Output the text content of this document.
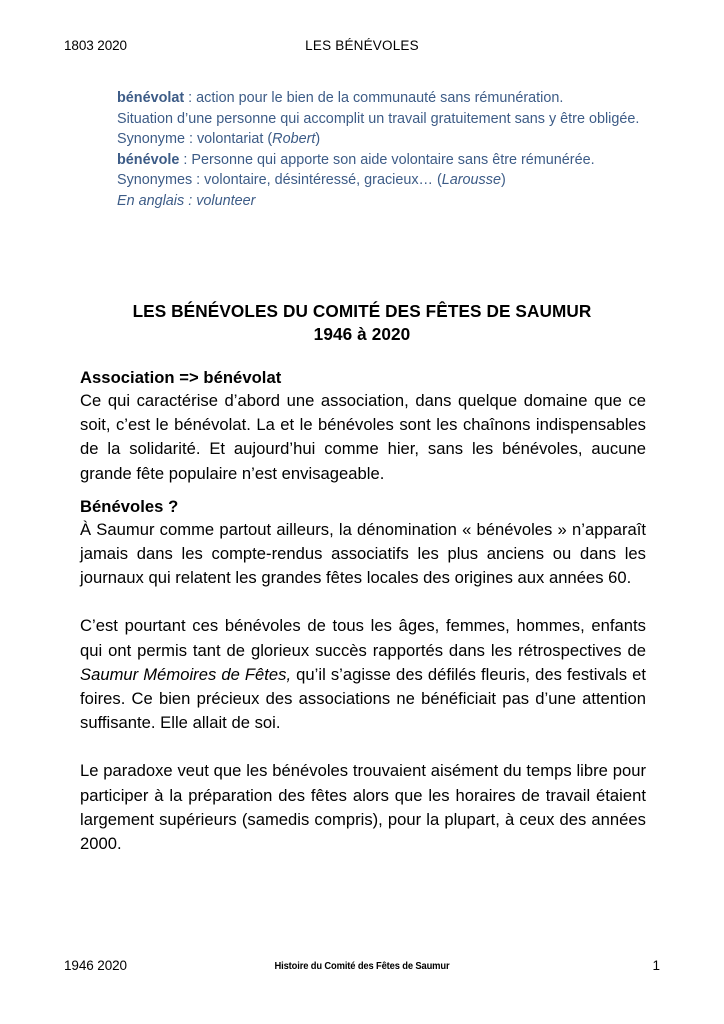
1803 2020	LES BÉNÉVOLES
bénévolat : action pour le bien de la communauté sans rémunération.
Situation d’une personne qui accomplit un travail gratuitement sans y être obligée.
Synonyme : volontariat (Robert)
bénévole : Personne qui apporte son aide volontaire sans être rémunérée.
Synonymes : volontaire, désintéressé, gracieux… (Larousse)
En anglais : volunteer
LES BÉNÉVOLES DU COMITÉ DES FÊTES DE SAUMUR
1946 à 2020
Association => bénévolat

Ce qui caractérise d’abord une association, dans quelque domaine que ce soit, c’est le bénévolat. La et le bénévoles sont les chaînons indispensables de la solidarité. Et aujourd’hui comme hier, sans les bénévoles, aucune grande fête populaire n’est envisageable.

Bénévoles ?

À Saumur comme partout ailleurs, la dénomination « bénévoles » n’apparaît jamais dans les compte-rendus associatifs les plus anciens ou dans les journaux qui relatent les grandes fêtes locales des origines aux années 60.

C’est pourtant ces bénévoles de tous les âges, femmes, hommes, enfants qui ont permis tant de glorieux succès rapportés dans les rétrospectives de Saumur Mémoires de Fêtes, qu’il s’agisse des défilés fleuris, des festivals et foires. Ce bien précieux des associations ne bénéficiait pas d’une attention suffisante. Elle allait de soi.

Le paradoxe veut que les bénévoles trouvaient aisément du temps libre pour participer à la préparation des fêtes alors que les horaires de travail étaient largement supérieurs (samedis compris), pour la plupart, à ceux des années 2000.

1946 2020	Histoire du Comité des Fêtes de Saumur	1
